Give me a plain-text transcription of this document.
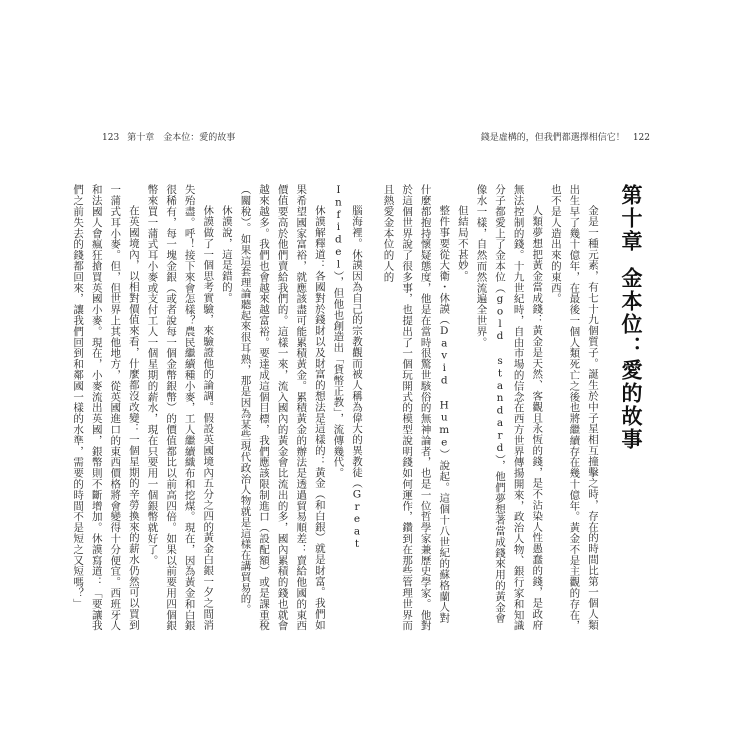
123 第十章　金本位：愛的故事

腦海裡。休謨因為自己的宗教觀而被人稱為偉大的異教徒（Great Infidel），但他也創造出「貨幣正教」，流傳幾代。

休謨解釋道：各國對於錢財以及財富的想法是這樣的：黃金（和白銀）就是財富。我們如果希望國家富裕，就應該盡可能累積黃金。累積黃金的辦法是透過貿易順差：賣給他國的東西價值要高於他們賣給我們的。這樣一來，流入國內的黃金會比流出的多，國內累積的錢也就會越來越多。我們也會越來越富裕。要達成這個目標，我們應該限制進口（設配額）或是課重稅（關稅）。如果這套理論聽起來很耳熟，那是因為某些現代政治人物就是這樣在講貿易的。

休謨說，這是錯的。

休謨做了一個思考實驗，來驗證他的論調。假設英國境內五分之四的黃金白銀一夕之間消失殆盡。呼！接下來會怎樣？農民繼續種小麥，工人繼續織布和挖煤。現在，因為黃金和白銀很稀有，每一塊金銀（或者說每一個金幣銀幣）的價值都比以前高四倍。如果以前要用四個銀幣來買一蒲式耳小麥或支付工人一個星期的薪水，現在只要用一個銀幣就好了。

在英國境內，以相對價值來看，什麼都沒改變：一個星期的辛勞換來的薪水仍然可以買到一蒲式耳小麥。但，但世界上其他地方，從英國進口的東西價格將會變得十分便宜。西班牙人和法國人會瘋狂搶買英國小麥。現在，小麥流出英國，銀幣則不斷增加。休謨寫道：「要讓我們之前失去的錢都回來，讓我們回到和鄰國一樣的水準，需要的時間不是短之又短嗎？」

錢是虛構的，但我們都選擇相信它！ 122
第十章金本位：愛的故事

金是一種元素，有七十九個質子。誕生於中子星相互撞擊之時，存在的時間比第一個人類出生早了幾十億年，在最後一個人類死亡之後也將繼續存在幾十億年。黃金不是主觀的存在，也不是人造出來的東西。

人類夢想把黃金當成錢：黃金是天然、客觀且永恆的錢，是不沾染人性愚蠢的錢，是政府無法控制的錢。十九世紀時，自由市場的信念在西方世界傳揚開來，政治人物、銀行家和知識分子都愛上了金本位（gold standard），他們夢想著當成錢來用的黃金會像水一樣，自然而然流遍全世界。

但結局不甚妙。

整件事要從大衛・休謨（David Hume）說起。這個十八世紀的蘇格蘭人對什麼都抱持懷疑態度，他是在當時很驚世駭俗的無神論者，也是一位哲學家兼歷史學家。他對於這個世界說了很多事，也提出了一個玩開式的模型說明錢如何運作，鑽到在那些管理世界而且熱愛金本位的人的
